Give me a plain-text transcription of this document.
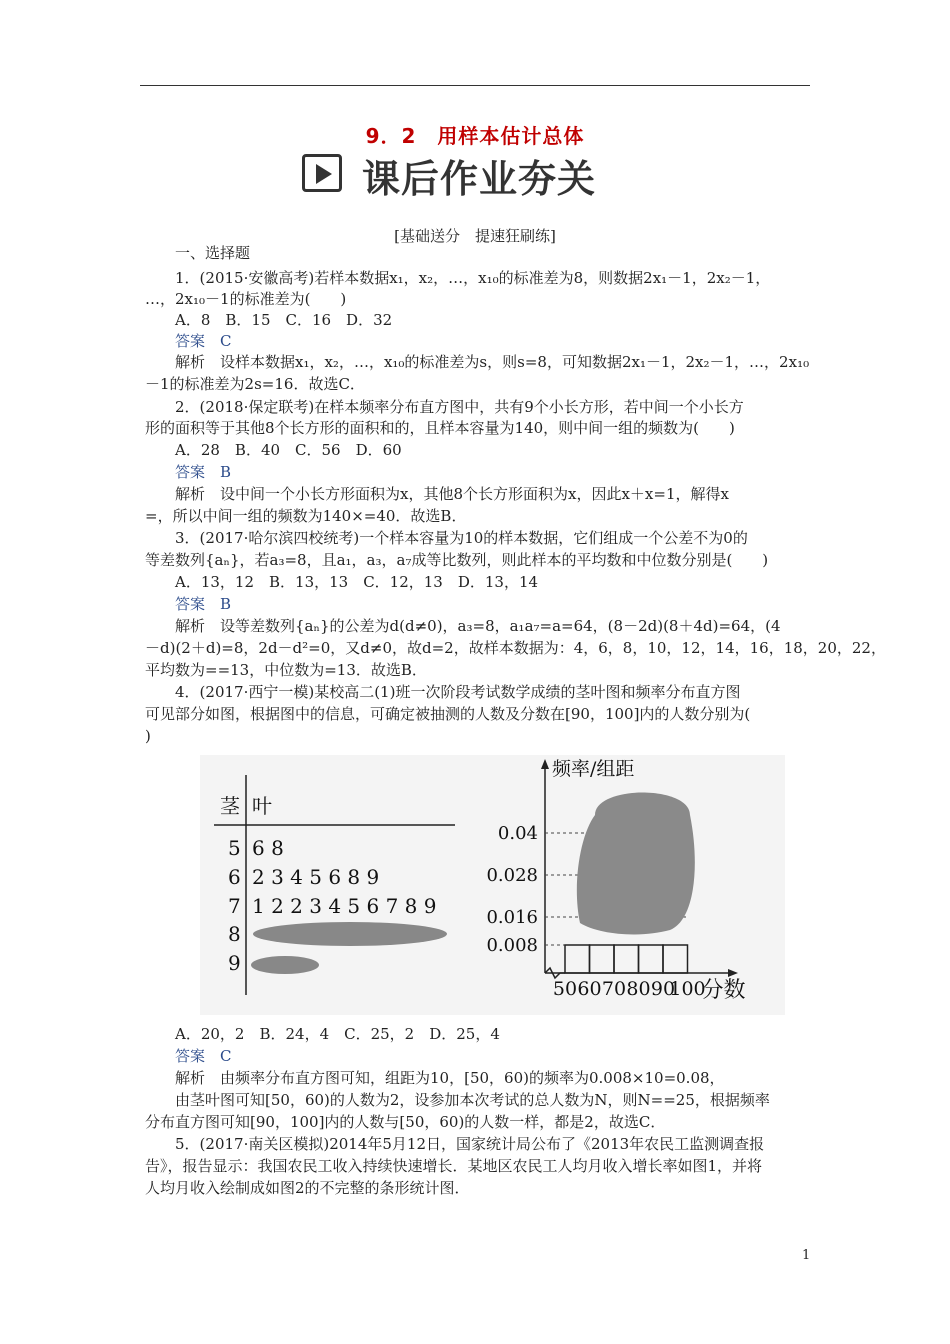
9．2　用样本估计总体
课后作业夯关
[基础送分　提速狂刷练]
一、选择题
1．(2015·安徽高考)若样本数据x₁，x₂，…，x₁₀的标准差为8，则数据2x₁－1，2x₂－1，
…，2x₁₀－1的标准差为(　　)
A．8　B．15　C．16　D．32
答案　C
解析　设样本数据x₁，x₂，…，x₁₀的标准差为s，则s=8，可知数据2x₁－1，2x₂－1，…，2x₁₀
－1的标准差为2s=16．故选C．
2．(2018·保定联考)在样本频率分布直方图中，共有9个小长方形，若中间一个小长方
形的面积等于其他8个长方形的面积和的，且样本容量为140，则中间一组的频数为(　　)
A．28　B．40　C．56　D．60
答案　B
解析　设中间一个小长方形面积为x，其他8个长方形面积为x，因此x＋x=1，解得x
=，所以中间一组的频数为140×=40．故选B．
3．(2017·哈尔滨四校统考)一个样本容量为10的样本数据，它们组成一个公差不为0的
等差数列{aₙ}，若a₃=8，且a₁，a₃，a₇成等比数列，则此样本的平均数和中位数分别是(　　)
A．13，12　B．13，13　C．12，13　D．13，14
答案　B
解析　设等差数列{aₙ}的公差为d(d≠0)，a₃=8，a₁a₇=a=64，(8－2d)(8＋4d)=64，(4
－d)(2＋d)=8，2d－d²=0，又d≠0，故d=2，故样本数据为：4，6，8，10，12，14，16，18，20，22，
平均数为==13，中位数为=13．故选B．
4．(2017·西宁一模)某校高二(1)班一次阶段考试数学成绩的茎叶图和频率分布直方图
可见部分如图，根据图中的信息，可确定被抽测的人数及分数在[90，100]内的人数分别为(
)
茎 叶
5 6 8
6 2 3 4 5 6 8 9
7 1 2 2 3 4 5 6 7 8 9
8
9
频率/组距
0.008
0.016
0.028
0.04
50 60 70 80 90
100
分数
A．20，2　B．24，4　C．25，2　D．25，4
答案　C
解析　由频率分布直方图可知，组距为10，[50，60)的频率为0.008×10=0.08，
由茎叶图可知[50，60)的人数为2，设参加本次考试的总人数为N，则N==25，根据频率
分布直方图可知[90，100]内的人数与[50，60)的人数一样，都是2，故选C．
5．(2017·南关区模拟)2014年5月12日，国家统计局公布了《2013年农民工监测调查报
告》，报告显示：我国农民工收入持续快速增长．某地区农民工人均月收入增长率如图1，并将
人均月收入绘制成如图2的不完整的条形统计图．
1
